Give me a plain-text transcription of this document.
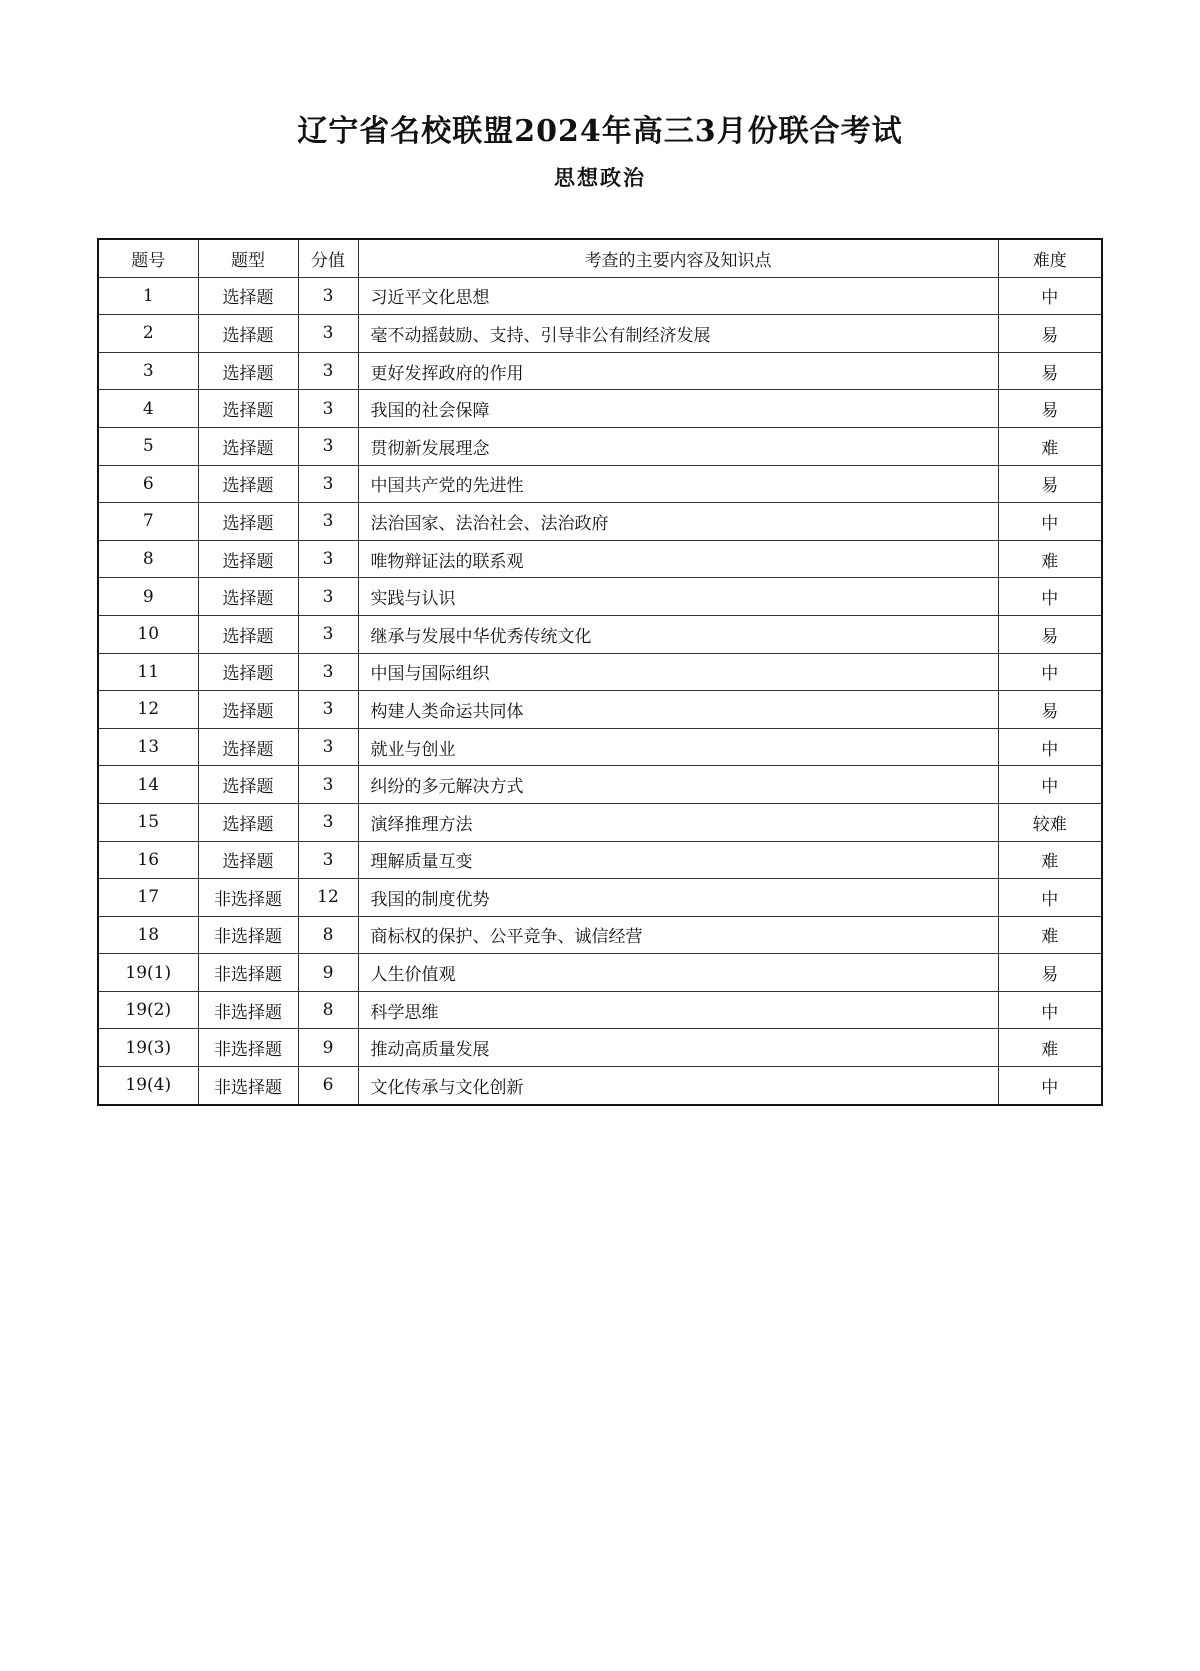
辽宁省名校联盟2024年高三3月份联合考试
思想政治
题号	题型	分值	考查的主要内容及知识点	难度
1	选择题	3	习近平文化思想	中
2	选择题	3	毫不动摇鼓励、支持、引导非公有制经济发展	易
3	选择题	3	更好发挥政府的作用	易
4	选择题	3	我国的社会保障	易
5	选择题	3	贯彻新发展理念	难
6	选择题	3	中国共产党的先进性	易
7	选择题	3	法治国家、法治社会、法治政府	中
8	选择题	3	唯物辩证法的联系观	难
9	选择题	3	实践与认识	中
10	选择题	3	继承与发展中华优秀传统文化	易
11	选择题	3	中国与国际组织	中
12	选择题	3	构建人类命运共同体	易
13	选择题	3	就业与创业	中
14	选择题	3	纠纷的多元解决方式	中
15	选择题	3	演绎推理方法	较难
16	选择题	3	理解质量互变	难
17	非选择题	12	我国的制度优势	中
18	非选择题	8	商标权的保护、公平竞争、诚信经营	难
19(1)	非选择题	9	人生价值观	易
19(2)	非选择题	8	科学思维	中
19(3)	非选择题	9	推动高质量发展	难
19(4)	非选择题	6	文化传承与文化创新	中
